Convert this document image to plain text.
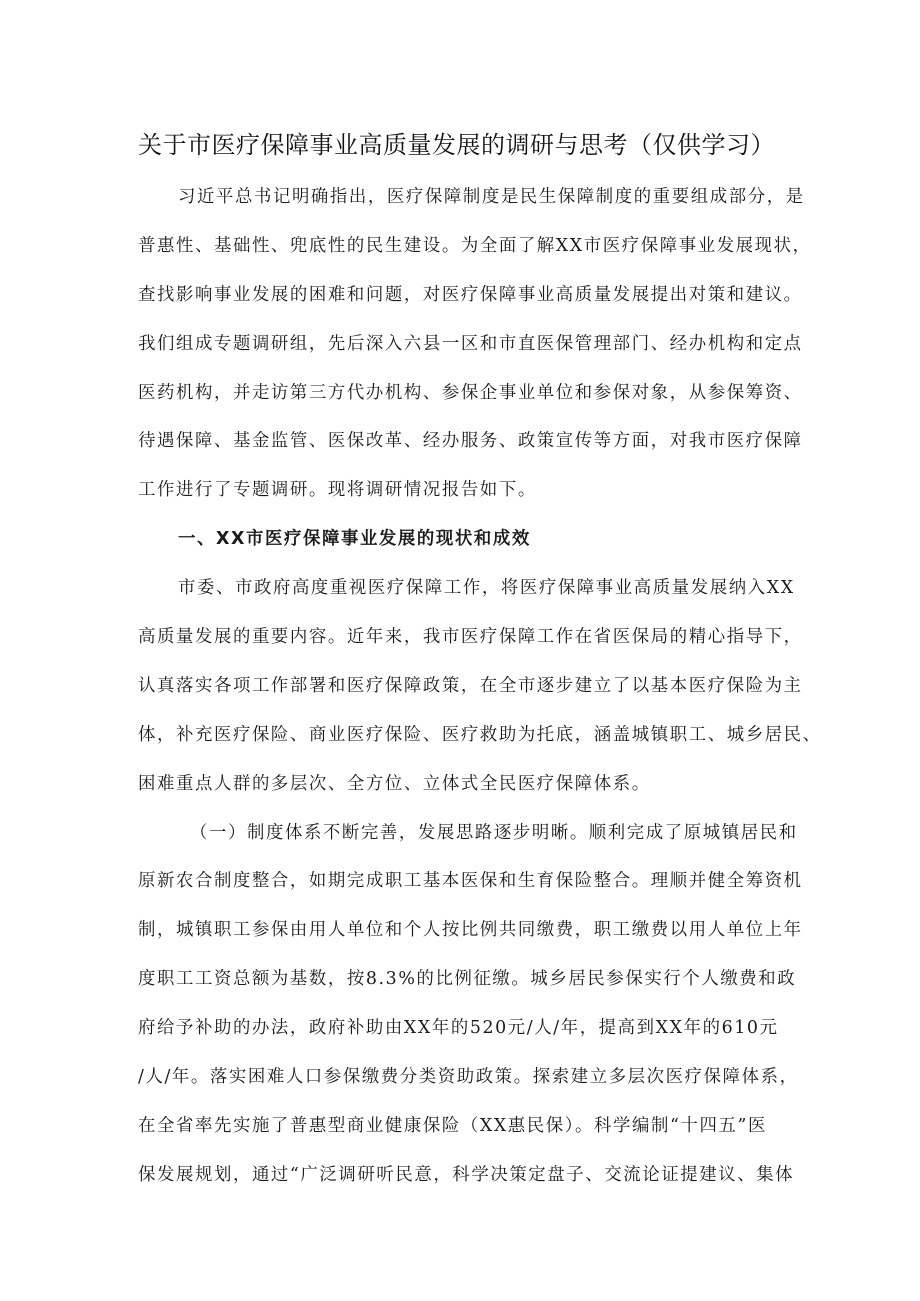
关于市医疗保障事业高质量发展的调研与思考（仅供学习）
习近平总书记明确指出，医疗保障制度是民生保障制度的重要组成部分，是
普惠性、基础性、兜底性的民生建设。为全面了解XX市医疗保障事业发展现状，
查找影响事业发展的困难和问题，对医疗保障事业高质量发展提出对策和建议。
我们组成专题调研组，先后深入六县一区和市直医保管理部门、经办机构和定点
医药机构，并走访第三方代办机构、参保企事业单位和参保对象，从参保筹资、
待遇保障、基金监管、医保改革、经办服务、政策宣传等方面，对我市医疗保障
工作进行了专题调研。现将调研情况报告如下。
一、XX市医疗保障事业发展的现状和成效
市委、市政府高度重视医疗保障工作，将医疗保障事业高质量发展纳入XX
高质量发展的重要内容。近年来，我市医疗保障工作在省医保局的精心指导下，
认真落实各项工作部署和医疗保障政策，在全市逐步建立了以基本医疗保险为主
体，补充医疗保险、商业医疗保险、医疗救助为托底，涵盖城镇职工、城乡居民、
困难重点人群的多层次、全方位、立体式全民医疗保障体系。
（一）制度体系不断完善，发展思路逐步明晰。顺利完成了原城镇居民和
原新农合制度整合，如期完成职工基本医保和生育保险整合。理顺并健全筹资机
制，城镇职工参保由用人单位和个人按比例共同缴费，职工缴费以用人单位上年
度职工工资总额为基数，按8.3%的比例征缴。城乡居民参保实行个人缴费和政
府给予补助的办法，政府补助由XX年的520元/人/年，提高到XX年的610元
/人/年。落实困难人口参保缴费分类资助政策。探索建立多层次医疗保障体系，
在全省率先实施了普惠型商业健康保险（XX惠民保）。科学编制“十四五”医
保发展规划，通过“广泛调研听民意，科学决策定盘子、交流论证提建议、集体
